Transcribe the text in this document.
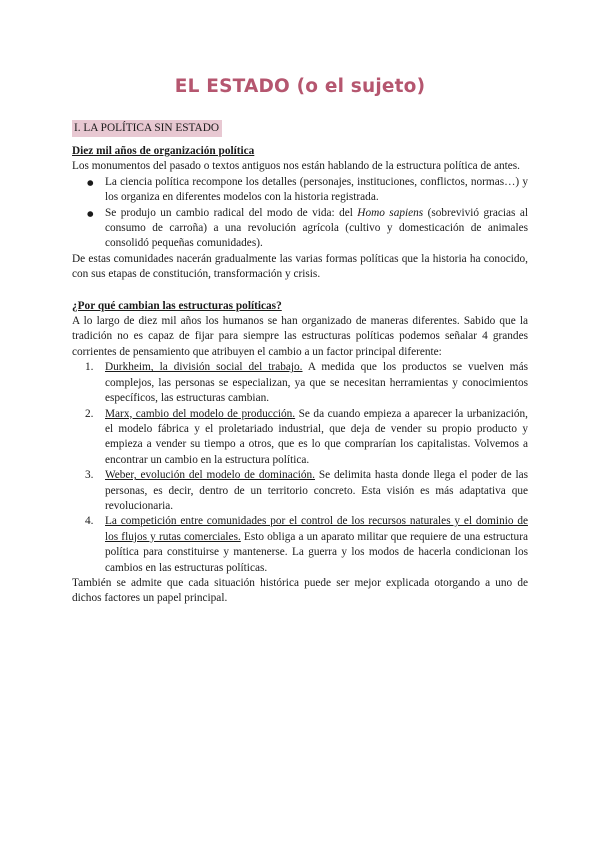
EL ESTADO (o el sujeto)
I. LA POLÍTICA SIN ESTADO
Diez mil años de organización política

Los monumentos del pasado o textos antiguos nos están hablando de la estructura política de antes.

● La ciencia política recompone los detalles (personajes, instituciones, conflictos, normas…) y los organiza en diferentes modelos con la historia registrada.
● Se produjo un cambio radical del modo de vida: del Homo sapiens (sobrevivió gracias al consumo de carroña) a una revolución agrícola (cultivo y domesticación de animales consolidó pequeñas comunidades).

De estas comunidades nacerán gradualmente las varias formas políticas que la historia ha conocido, con sus etapas de constitución, transformación y crisis.

¿Por qué cambian las estructuras políticas?

A lo largo de diez mil años los humanos se han organizado de maneras diferentes. Sabido que la tradición no es capaz de fijar para siempre las estructuras políticas podemos señalar 4 grandes corrientes de pensamiento que atribuyen el cambio a un factor principal diferente:

1. Durkheim, la división social del trabajo. A medida que los productos se vuelven más complejos, las personas se especializan, ya que se necesitan herramientas y conocimientos específicos, las estructuras cambian.
2. Marx, cambio del modelo de producción. Se da cuando empieza a aparecer la urbanización, el modelo fábrica y el proletariado industrial, que deja de vender su propio producto y empieza a vender su tiempo a otros, que es lo que comprarían los capitalistas. Volvemos a encontrar un cambio en la estructura política.
3. Weber, evolución del modelo de dominación. Se delimita hasta donde llega el poder de las personas, es decir, dentro de un territorio concreto. Esta visión es más adaptativa que revolucionaria.
4. La competición entre comunidades por el control de los recursos naturales y el dominio de los flujos y rutas comerciales. Esto obliga a un aparato militar que requiere de una estructura política para constituirse y mantenerse. La guerra y los modos de hacerla condicionan los cambios en las estructuras políticas.

También se admite que cada situación histórica puede ser mejor explicada otorgando a uno de dichos factores un papel principal.
